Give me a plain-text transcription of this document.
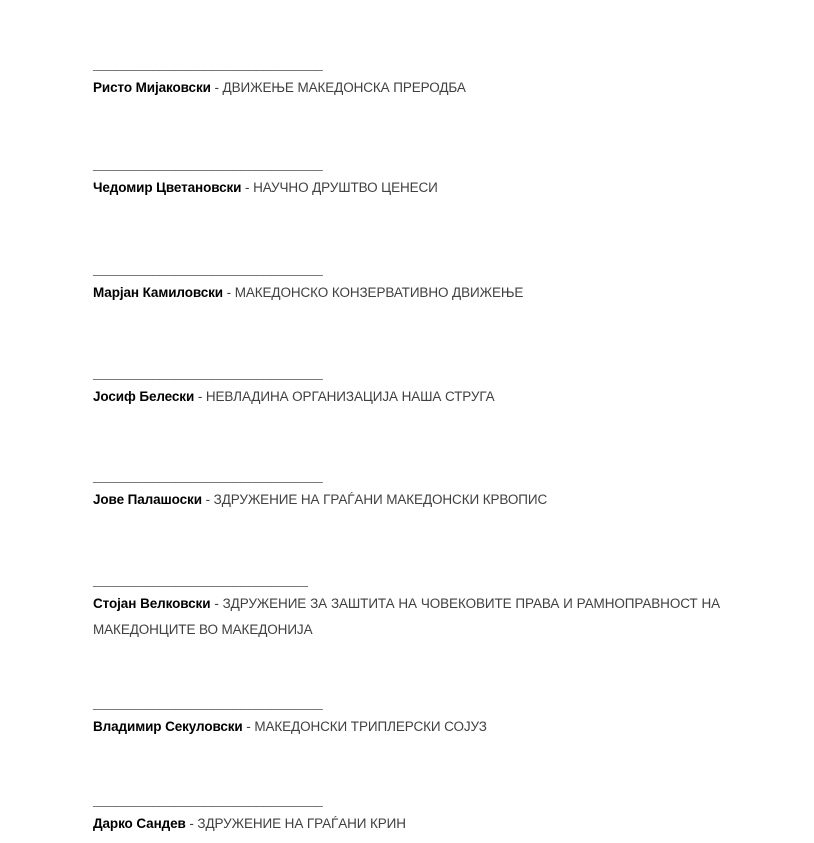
_______________________________

Ристо Мијаковски - ДВИЖЕЊЕ МАКЕДОНСКА ПРЕРОДБА

_______________________________

Чедомир Цветановски - НАУЧНО ДРУШТВО ЦЕНЕСИ

_______________________________

Марјан Камиловски - МАКЕДОНСКО КОНЗЕРВАТИВНО ДВИЖЕЊЕ

_______________________________

Јосиф Белески - НЕВЛАДИНА ОРГАНИЗАЦИЈА НАША СТРУГА

_______________________________

Јове Палашоски - ЗДРУЖЕНИЕ НА ГРАЃАНИ МАКЕДОНСКИ КРВОПИС

_____________________________

Стојан Велковски - ЗДРУЖЕНИЕ ЗА ЗАШТИТА НА ЧОВЕКОВИТЕ ПРАВА И РАМНОПРАВНОСТ НА МАКЕДОНЦИТЕ ВО МАКЕДОНИЈА

_______________________________

Владимир Секуловски - МАКЕДОНСКИ ТРИПЛЕРСКИ СОЈУЗ

_______________________________

Дарко Сандев - ЗДРУЖЕНИЕ НА ГРАЃАНИ КРИН
